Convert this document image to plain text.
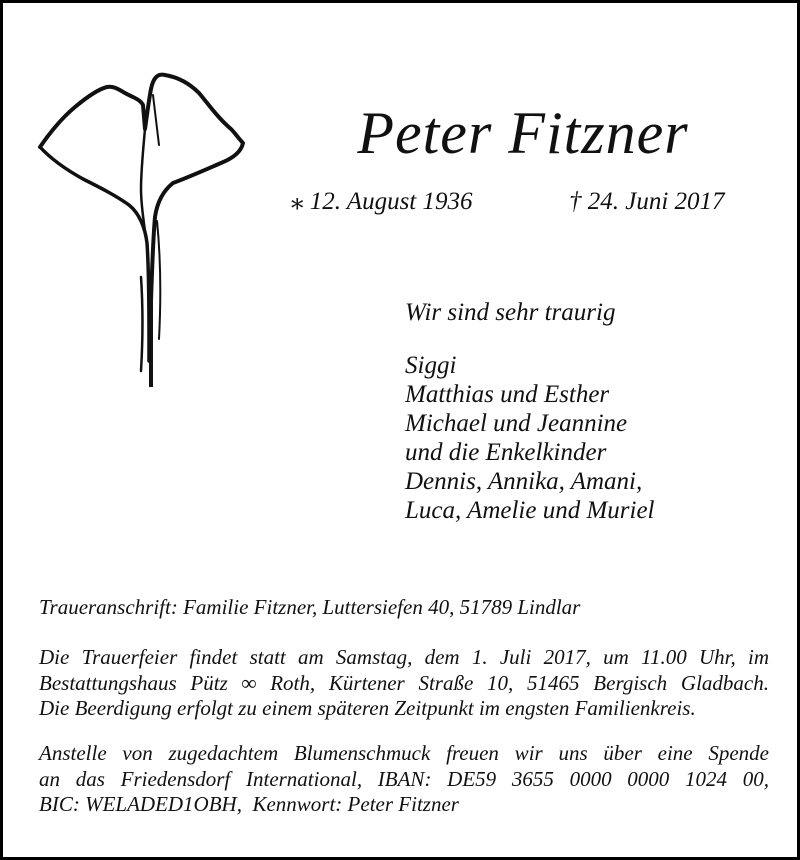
Peter Fitzner

⁎ 12. August 1936

	† 24. Juni 2017

Wir sind sehr traurig
Siggi
Matthias und Esther
Michael und Jeannine
und die Enkelkinder
Dennis, Annika, Amani,
Luca, Amelie und Muriel
Traueranschrift: Familie Fitzner, Luttersiefen 40, 51789 Lindlar
Die Trauerfeier findet statt am Samstag, dem 1. Juli 2017, um 11.00 Uhr, im
Bestattungshaus Pütz ∞ Roth, Kürtener Straße 10, 51465 Bergisch Gladbach.
Die Beerdigung erfolgt zu einem späteren Zeitpunkt im engsten Familienkreis.
Anstelle von zugedachtem Blumenschmuck freuen wir uns über eine Spende
an das Friedensdorf International, IBAN: DE59 3655 0000 0000 1024 00,
BIC: WELADED1OBH,  Kennwort: Peter Fitzner
